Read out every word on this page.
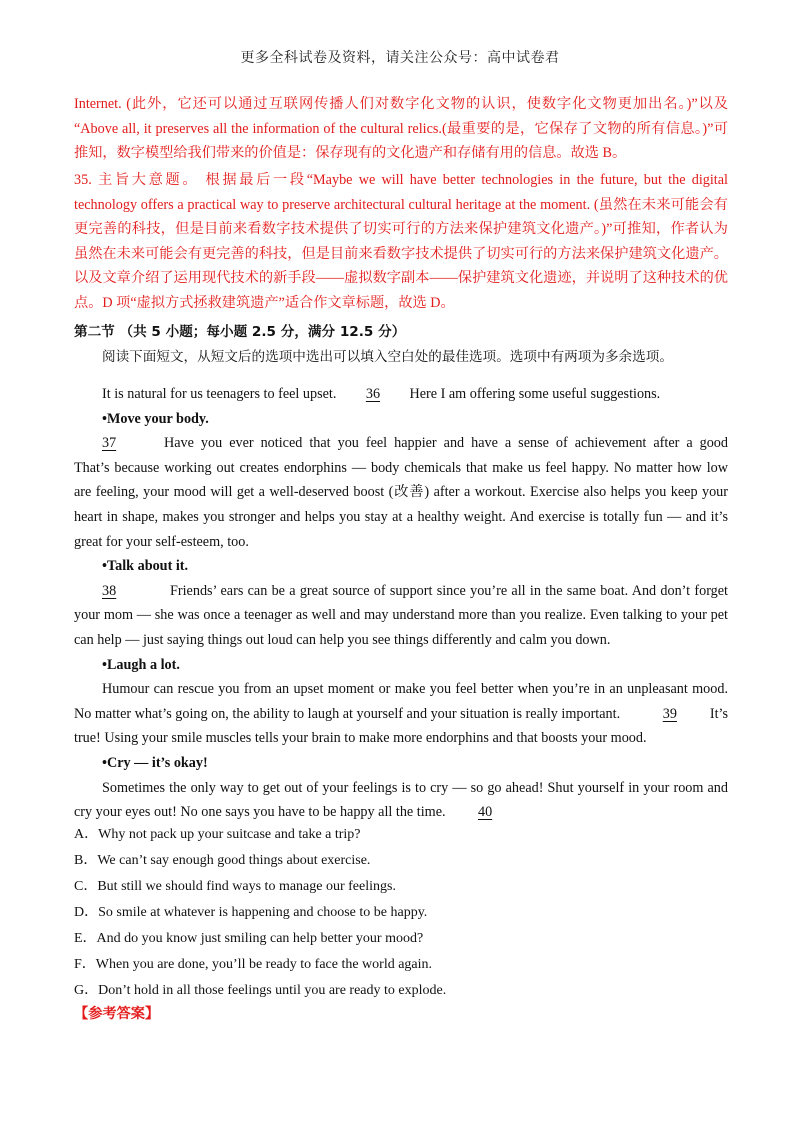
更多全科试卷及资料，请关注公众号：高中试卷君
Internet. (此外，它还可以通过互联网传播人们对数字化文物的认识，使数字化文物更加出名。)”以及
“Above all, it preserves all the information of the cultural relics.(最重要的是，它保存了文物的所有信息。)”可
推知，数字模型给我们带来的价值是：保存现有的文化遗产和存储有用的信息。故选 B。
35. 主旨大意题。 根据最后一段“Maybe we will have better technologies in the future, but the digital
technology offers a practical way to preserve architectural cultural heritage at the moment. (虽然在未来可能会有
更完善的科技，但是目前来看数字技术提供了切实可行的方法来保护建筑文化遗产。)”可推知，作者认为
虽然在未来可能会有更完善的科技，但是目前来看数字技术提供了切实可行的方法来保护建筑文化遗产。
以及文章介绍了运用现代技术的新手段——虚拟数字副本——保护建筑文化遗迹，并说明了这种技术的优
点。D 项“虚拟方式拯救建筑遗产”适合作文章标题，故选 D。
第二节 （共 5 小题；每小题 2.5 分，满分 12.5 分）
阅读下面短文，从短文后的选项中选出可以填入空白处的最佳选项。选项中有两项为多余选项。
It is natural for us teenagers to feel upset. 36 Here I am offering some useful suggestions.
•Move your body.
37	Have you ever noticed that you feel happier and have a sense of achievement after a good
That’s because working out creates endorphins — body chemicals that make us feel happy. No matter how low
are feeling, your mood will get a well-deserved boost (改善) after a workout. Exercise also helps you keep your
heart in shape, makes you stronger and helps you stay at a healthy weight. And exercise is totally fun — and it’s
great for your self-esteem, too.
•Talk about it.
38	Friends’ ears can be a great source of support since you’re all in the same boat. And don’t forget
your mom — she was once a teenager as well and may understand more than you realize. Even talking to your pet
can help — just saying things out loud can help you see things differently and calm you down.
•Laugh a lot.
Humour can rescue you from an upset moment or make you feel better when you’re in an unpleasant mood.
No matter what’s going on, the ability to laugh at yourself and your situation is really important.	39 It’s
true! Using your smile muscles tells your brain to make more endorphins and that boosts your mood.
•Cry — it’s okay!
Sometimes the only way to get out of your feelings is to cry — so go ahead! Shut yourself in your room and
cry your eyes out! No one says you have to be happy all the time. 40
A．Why not pack up your suitcase and take a trip?
B．We can’t say enough good things about exercise.
C．But still we should find ways to manage our feelings.
D．So smile at whatever is happening and choose to be happy.
E．And do you know just smiling can help better your mood?
F．When you are done, you’ll be ready to face the world again.
G．Don’t hold in all those feelings until you are ready to explode.
【参考答案】
